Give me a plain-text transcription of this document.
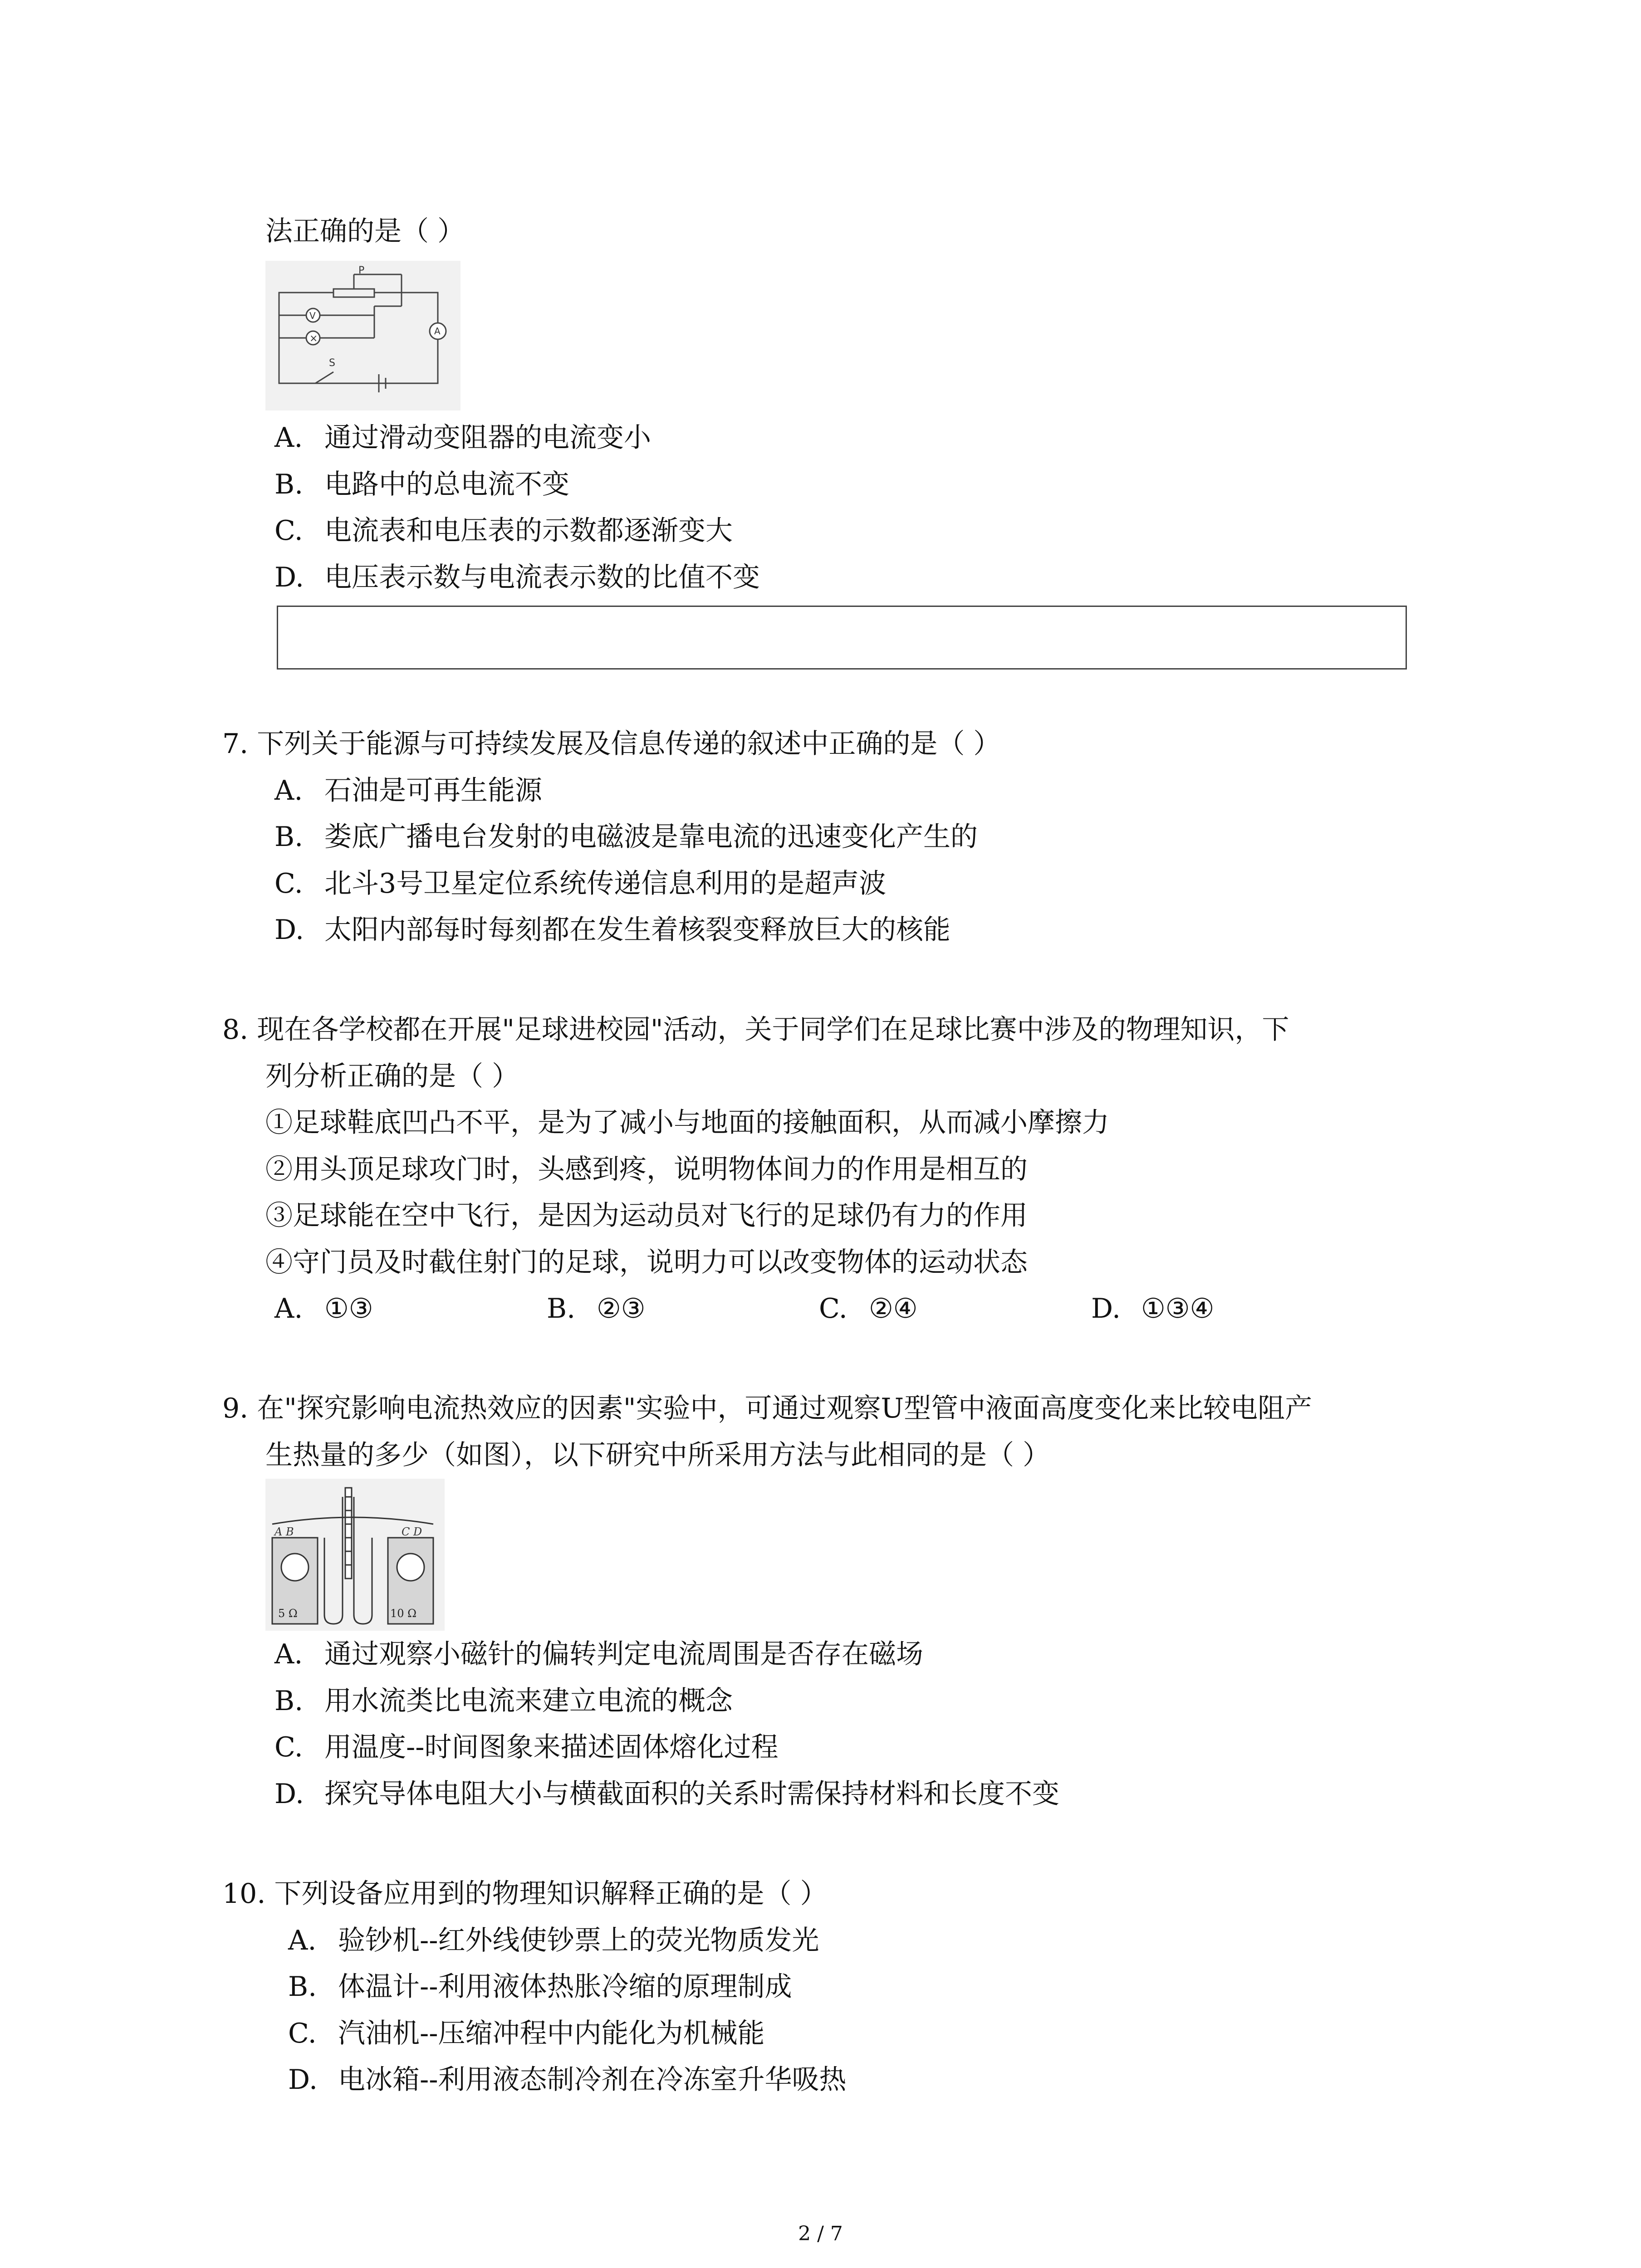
法正确的是（ ）
P
V
×
A
S
A. 通过滑动变阻器的电流变小
B. 电路中的总电流不变
C. 电流表和电压表的示数都逐渐变大
D. 电压表示数与电流表示数的比值不变
7. 下列关于能源与可持续发展及信息传递的叙述中正确的是（ ）
A. 石油是可再生能源
B. 娄底广播电台发射的电磁波是靠电流的迅速变化产生的
C. 北斗3号卫星定位系统传递信息利用的是超声波
D. 太阳内部每时每刻都在发生着核裂变释放巨大的核能
8. 现在各学校都在开展"足球进校园"活动，关于同学们在足球比赛中涉及的物理知识，下
列分析正确的是（ ）
①足球鞋底凹凸不平，是为了减小与地面的接触面积，从而减小摩擦力
②用头顶足球攻门时，头感到疼，说明物体间力的作用是相互的
③足球能在空中飞行，是因为运动员对飞行的足球仍有力的作用
④守门员及时截住射门的足球，说明力可以改变物体的运动状态
A. ①③	B. ②③	C. ②④	D. ①③④
9. 在"探究影响电流热效应的因素"实验中，可通过观察U型管中液面高度变化来比较电阻产
生热量的多少（如图），以下研究中所采用方法与此相同的是（ ）
A B	C D
5 Ω	10 Ω
A. 通过观察小磁针的偏转判定电流周围是否存在磁场
B. 用水流类比电流来建立电流的概念
C. 用温度--时间图象来描述固体熔化过程
D. 探究导体电阻大小与横截面积的关系时需保持材料和长度不变
10. 下列设备应用到的物理知识解释正确的是（ ）
A. 验钞机--红外线使钞票上的荧光物质发光
B. 体温计--利用液体热胀冷缩的原理制成
C. 汽油机--压缩冲程中内能化为机械能
D. 电冰箱--利用液态制冷剂在冷冻室升华吸热
2 / 7
